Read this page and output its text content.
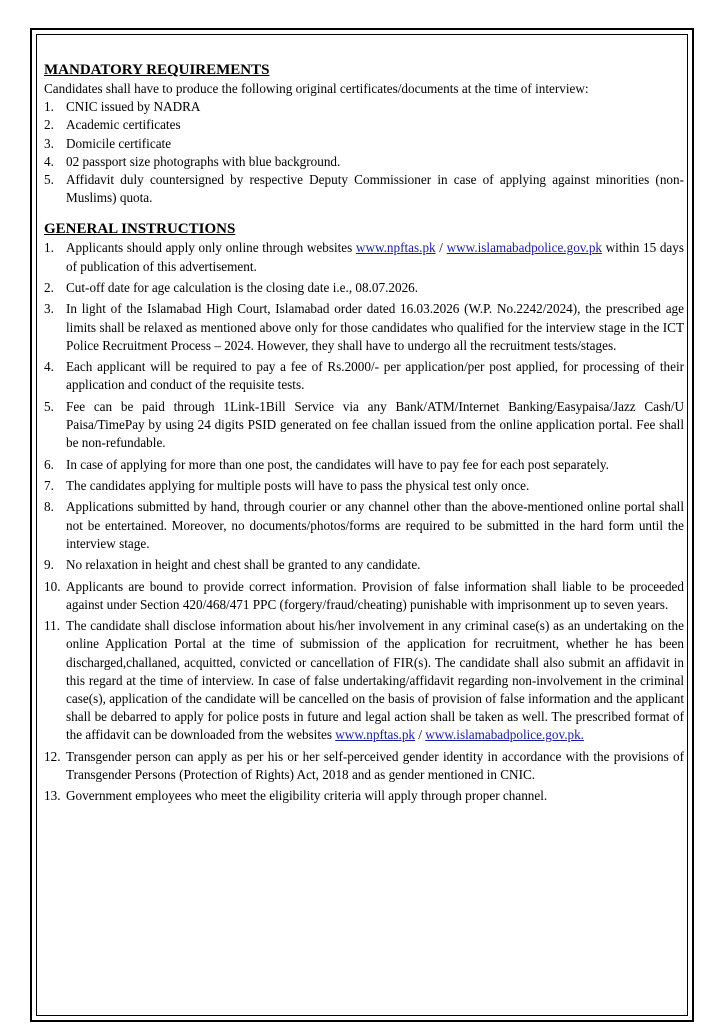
MANDATORY REQUIREMENTS

Candidates shall have to produce the following original certificates/documents at the time of interview:

1. CNIC issued by NADRA
2. Academic certificates
3. Domicile certificate
4. 02 passport size photographs with blue background.
5. Affidavit duly countersigned by respective Deputy Commissioner in case of applying against minorities (non-Muslims) quota.
GENERAL INSTRUCTIONS
1. Applicants should apply only online through websites www.npftas.pk / www.islamabadpolice.gov.pk within 15 days of publication of this advertisement.
2. Cut-off date for age calculation is the closing date i.e., 08.07.2026.
3. In light of the Islamabad High Court, Islamabad order dated 16.03.2026 (W.P. No.2242/2024), the prescribed age limits shall be relaxed as mentioned above only for those candidates who qualified for the interview stage in the ICT Police Recruitment Process – 2024. However, they shall have to undergo all the recruitment tests/stages.
4. Each applicant will be required to pay a fee of Rs.2000/- per application/per post applied, for processing of their application and conduct of the requisite tests.
5. Fee can be paid through 1Link-1Bill Service via any Bank/ATM/Internet Banking/Easypaisa/Jazz Cash/U Paisa/TimePay by using 24 digits PSID generated on fee challan issued from the online application portal. Fee shall be non-refundable.
6. In case of applying for more than one post, the candidates will have to pay fee for each post separately.
7. The candidates applying for multiple posts will have to pass the physical test only once.
8. Applications submitted by hand, through courier or any channel other than the above-mentioned online portal shall not be entertained. Moreover, no documents/photos/forms are required to be submitted in the hard form until the interview stage.
9. No relaxation in height and chest shall be granted to any candidate.
10. Applicants are bound to provide correct information. Provision of false information shall liable to be proceeded against under Section 420/468/471 PPC (forgery/fraud/cheating) punishable with imprisonment up to seven years.
11. The candidate shall disclose information about his/her involvement in any criminal case(s) as an undertaking on the online Application Portal at the time of submission of the application for recruitment, whether he has been discharged,challaned, acquitted, convicted or cancellation of FIR(s). The candidate shall also submit an affidavit in this regard at the time of interview. In case of false undertaking/affidavit regarding non-involvement in the criminal case(s), application of the candidate will be cancelled on the basis of provision of false information and the applicant shall be debarred to apply for police posts in future and legal action shall be taken as well. The prescribed format of the affidavit can be downloaded from the websites www.npftas.pk / www.islamabadpolice.gov.pk.
12. Transgender person can apply as per his or her self-perceived gender identity in accordance with the provisions of Transgender Persons (Protection of Rights) Act, 2018 and as gender mentioned in CNIC.
13. Government employees who meet the eligibility criteria will apply through proper channel.
